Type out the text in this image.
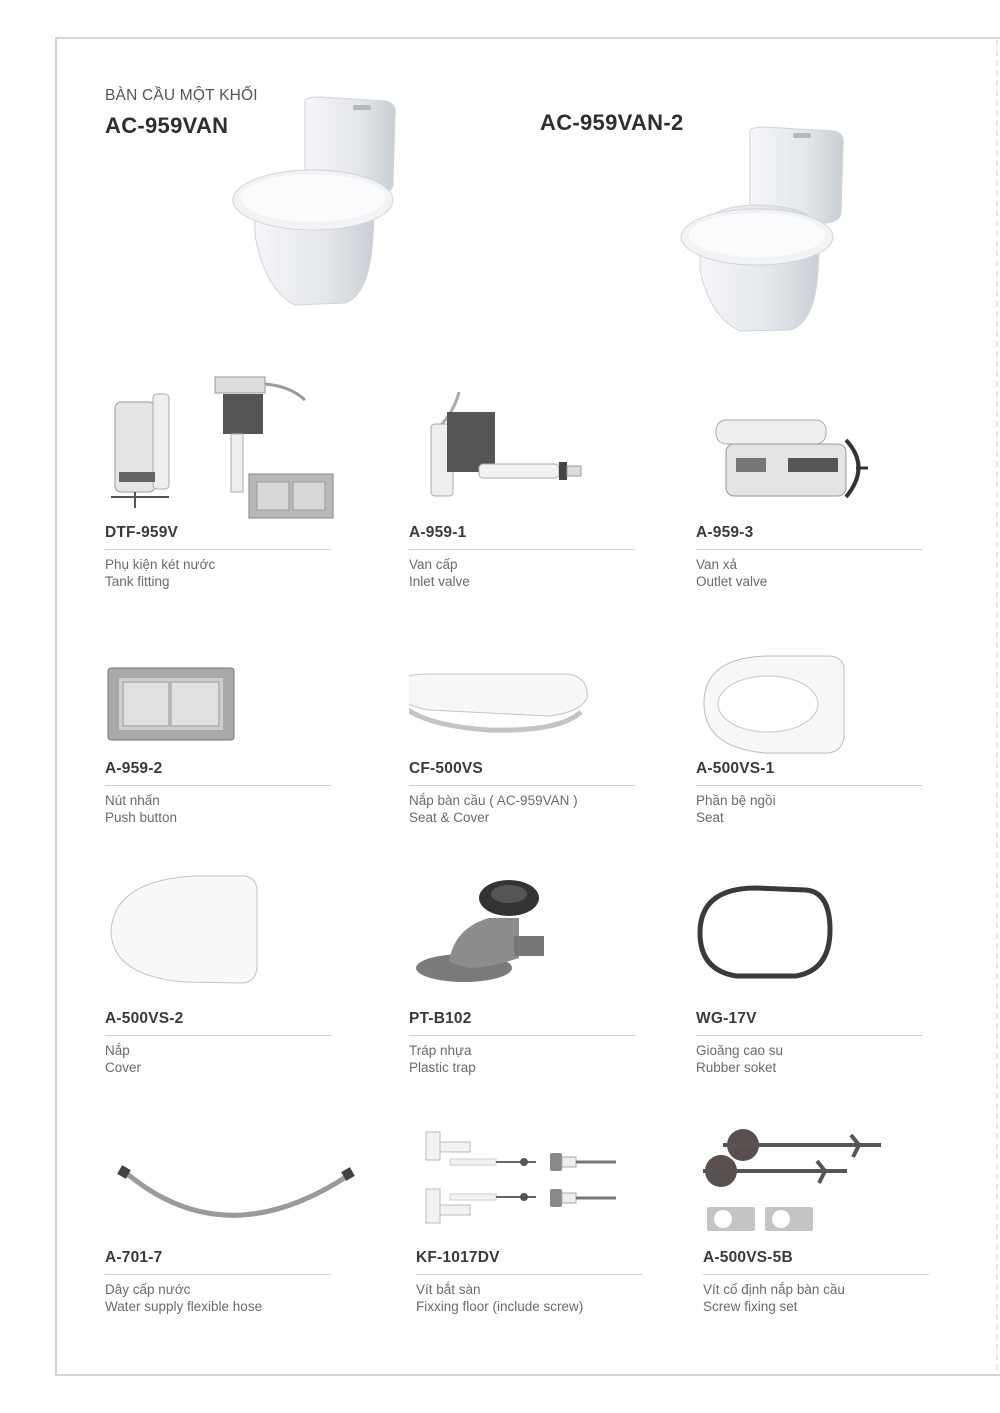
BÀN CẦU MỘT KHỐI
AC-959VAN	AC-959VAN-2
DTF-959V
Phụ kiện két nước
Tank fitting
A-959-1
Van cấp
Inlet valve
A-959-3
Van xả
Outlet valve
A-959-2
Nút nhấn
Push button
CF-500VS
Nắp bàn cầu ( AC-959VAN )
Seat & Cover
A-500VS-1
Phần bệ ngồi
Seat
A-500VS-2
Nắp
Cover
PT-B102
Tráp nhựa
Plastic trap
WG-17V
Gioăng cao su
Rubber soket
A-701-7
Dây cấp nước
Water supply flexible hose
KF-1017DV
Vít bắt sàn
Fixxing floor (include screw)
A-500VS-5B
Vít cố định nắp bàn cầu
Screw fixing set
